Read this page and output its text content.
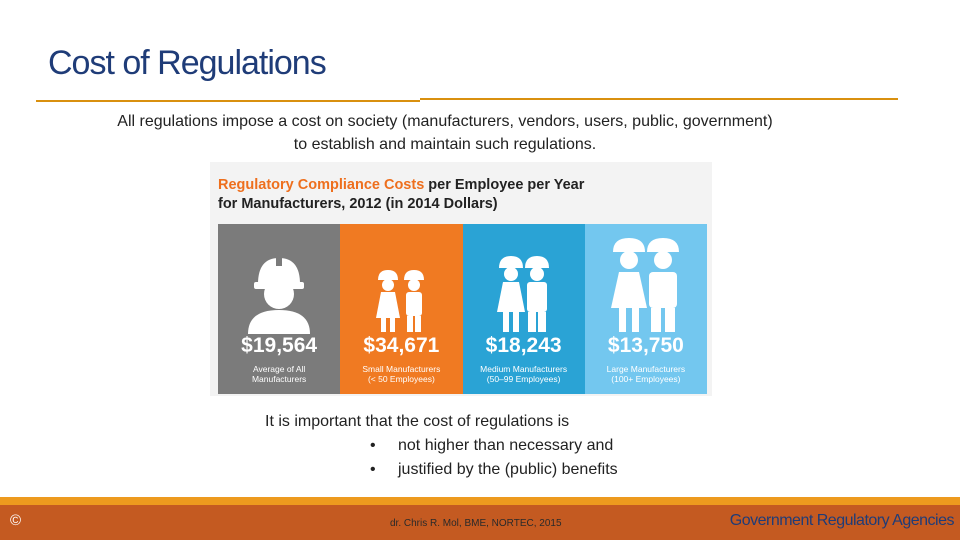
Cost of Regulations
All regulations impose a cost on society (manufacturers, vendors, users, public, government)
to establish and maintain such regulations.
Regulatory Compliance Costs per Employee per Year
for Manufacturers, 2012 (in 2014 Dollars)
$19,564
Average of All
Manufacturers
$34,671
Small Manufacturers
(< 50 Employees)
$18,243
Medium Manufacturers
(50–99 Employees)
$13,750
Large Manufacturers
(100+ Employees)
It is important that the cost of regulations is
• not higher than necessary and
• justified by the (public) benefits
©	dr. Chris R. Mol, BME, NORTEC, 2015	Government Regulatory Agencies
